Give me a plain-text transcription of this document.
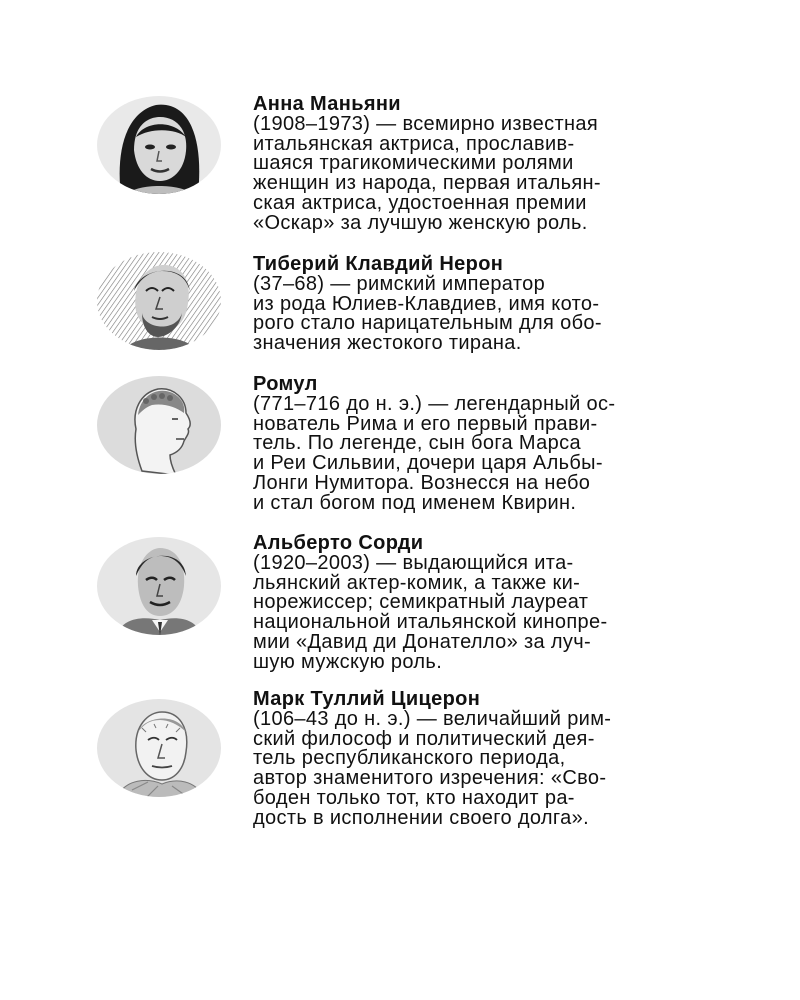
Анна Маньяни
(1908–1973) — всемирно известная
итальянская актриса, прославив-
шаяся трагикомическими ролями
женщин из народа, первая итальян-
ская актриса, удостоенная премии
«Оскар» за лучшую женскую роль.
Тиберий Клавдий Нерон
(37–68) — римский император
из рода Юлиев-Клавдиев, имя кото-
рого стало нарицательным для обо-
значения жестокого тирана.
Ромул
(771–716 до н. э.) — легендарный ос-
нователь Рима и его первый прави-
тель. По легенде, сын бога Марса
и Реи Сильвии, дочери царя Альбы-
Лонги Нумитора. Вознесся на небо
и стал богом под именем Квирин.
Альберто Сорди
(1920–2003) — выдающийся ита-
льянский актер-комик, а также ки-
норежиссер; семикратный лауреат
национальной итальянской кинопре-
мии «Давид ди Донателло» за луч-
шую мужскую роль.
Марк Туллий Цицерон
(106–43 до н. э.) — величайший рим-
ский философ и политический дея-
тель республиканского периода,
автор знаменитого изречения: «Сво-
боден только тот, кто находит ра-
дость в исполнении своего долга».
